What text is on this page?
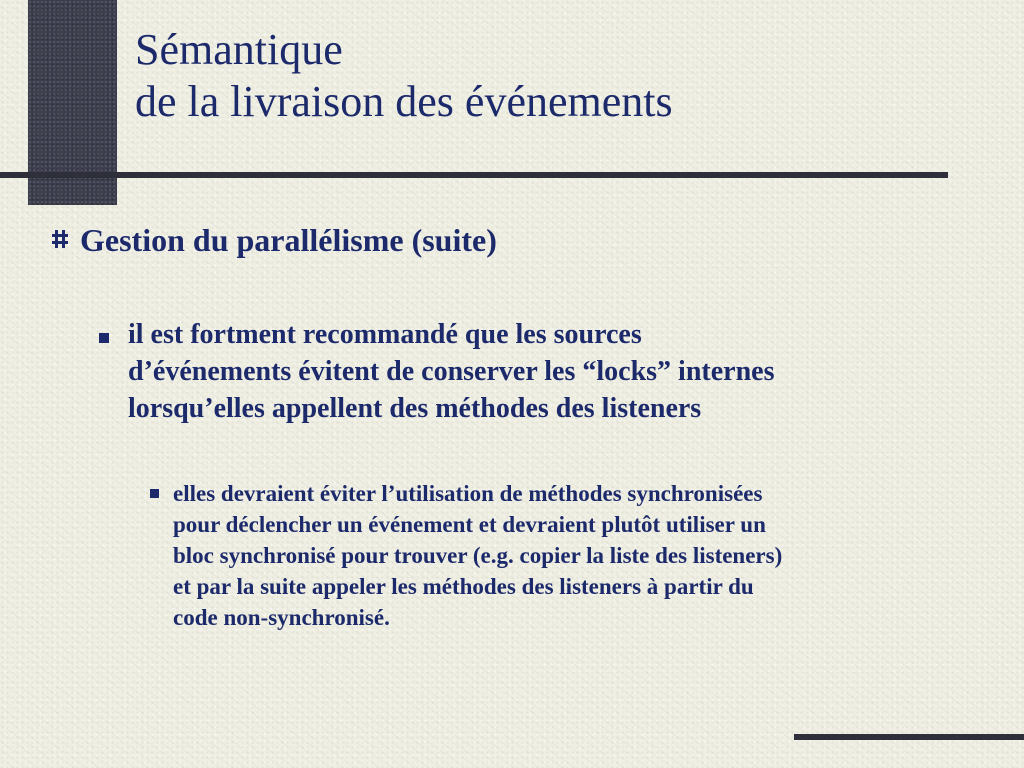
Sémantique
de la livraison des événements
Gestion du parallélisme (suite)
il est fortment recommandé que les sources
d’événements évitent de conserver les “locks” internes
lorsqu’elles appellent des méthodes des listeners
elles devraient éviter l’utilisation de méthodes synchronisées
pour déclencher un événement et devraient plutôt utiliser un
bloc synchronisé pour trouver (e.g. copier la liste des listeners)
et par la suite appeler les méthodes des listeners à partir du
code non-synchronisé.
